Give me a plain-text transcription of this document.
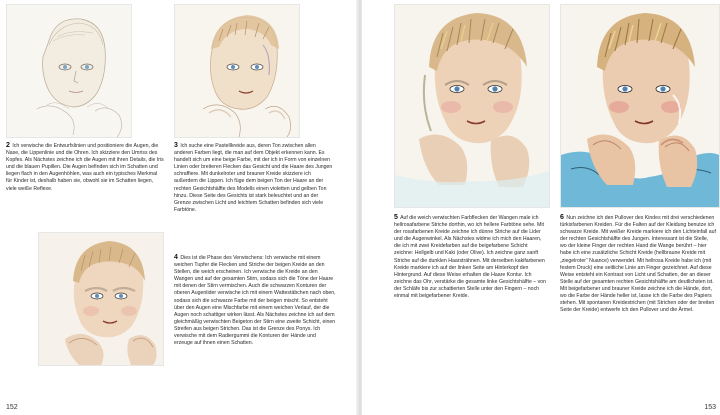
2 Ich verwische die Entwurfslinien und positioniere die Augen, die Nase, die Lippenlinie und die Ohren. Ich skizziere den Umriss des Kopfes. Als Nächstes zeichne ich die Augen mit ihren Details, die Iris und die blauen Pupillen. Die Augen befinden sich im Schatten und liegen flach in den Augenhöhlen, was auch ein typisches Merkmal für Kinder ist, deshalb haben sie, obwohl sie im Schatten liegen, viele weiße Reflexe.
3 Ich suche eine Pastellkreide aus, deren Ton zwischen allen anderen Farben liegt, die man auf dem Objekt erkennen kann. Es handelt sich um eine beige Farbe, mit der ich in Form von einzelnen Linien oder breiteren Flecken das Gesicht und die Haare des Jungen schraffiere. Mit dunkelroter und brauner Kreide skizziere ich außerdem die Lippen. Ich füge dem beigen Ton der Haare an der rechten Gesichtshälfte des Modells einen violetten und gelben Ton hinzu. Diese Seite des Gesichts ist stark beleuchtet und an der Grenze zwischen Licht und leichtem Schatten befinden sich viele Farbtöne.
4 Dies ist die Phase des Verwischens: Ich verwische mit einem weichen Tupfer die Flecken und Striche der beigen Kreide an den Stellen, die weich erscheinen. Ich verwische die Kreide an den Wangen und auf der gesamten Stirn, sodass sich die Töne der Haare mit denen der Stirn vermischen. Auch die schwarzen Konturen der oberen Augenlider verwische ich mit einem Wattestäbchen nach oben, sodass sich die schwarze Farbe mit der beigen mischt. So entsteht über den Augen eine Mischfarbe mit einem weichen Verlauf, der die Augen noch schattiger wirken lässt. Als Nächstes zeichne ich auf dem gleichmäßig verwischten Beigeton der Stirn eine zweite Schicht, einen Streifen aus beigen Strichen. Das ist die Grenze des Ponys. Ich verwische mit dem Radiergummi die Konturen der Hände und erzeuge auf ihnen einen Schatten.
152
5 Auf die weich verwischten Farbflecken der Wangen male ich hellrosafarbene Striche dorthin, wo ich hellere Farbtöne sehe. Mit der rosafarbenen Kreide zeichne ich dünne Striche auf die Lider und die Augenwinkel. Als Nächstes widme ich mich den Haaren, die ich mit zwei Kreidefarben auf die beigefarbene Schicht zeichne: Hellgelb und Kaki (oder Olive). Ich zeichne ganz sanft Striche auf die dunklen Haarsträhnen. Mit derselben kakifarbenen Kreide markiere ich auf der linken Seite am Hinterkopf den Hintergrund. Auf diese Weise erhalten die Haare Kontur. Ich zeichne das Ohr, verstärke die gesamte linke Gesichtshälfte – von der Schläfe bis zur schattierten Stelle unter den Fingern – noch einmal mit beigefarbener Kreide.
6 Nun zeichne ich den Pullover des Kindes mit drei verschiedenen türkisfarbenen Kreiden. Für die Falten auf der Kleidung benutze ich schwarze Kreide. Mit weißer Kreide markiere ich den Lichteinfall auf der rechten Gesichtshälfte des Jungen. Interessant ist die Stelle, wo der kleine Finger der rechten Hand die Wange berührt – hier habe ich eine zusätzliche Schicht Kreide (hellbraune Kreide mit „ziegelroter“ Nuance) verwendet. Mit hellrosa Kreide habe ich (mit festem Druck) eine seitliche Linie am Finger gezeichnet. Auf diese Weise entsteht ein Kontrast von Licht und Schatten, der an dieser Stelle auf der gesamten rechten Gesichtshälfte am deutlichsten ist. Mit beigefarbener und brauner Kreide zeichne ich die Hände, dort, wo die Farbe der Hände heller ist, lasse ich die Farbe des Papiers stehen. Mit spontanen Kreidestrichen (mit Strichen oder der breiten Seite der Kreide) entwerfe ich den Pullover und die Ärmel.
153
